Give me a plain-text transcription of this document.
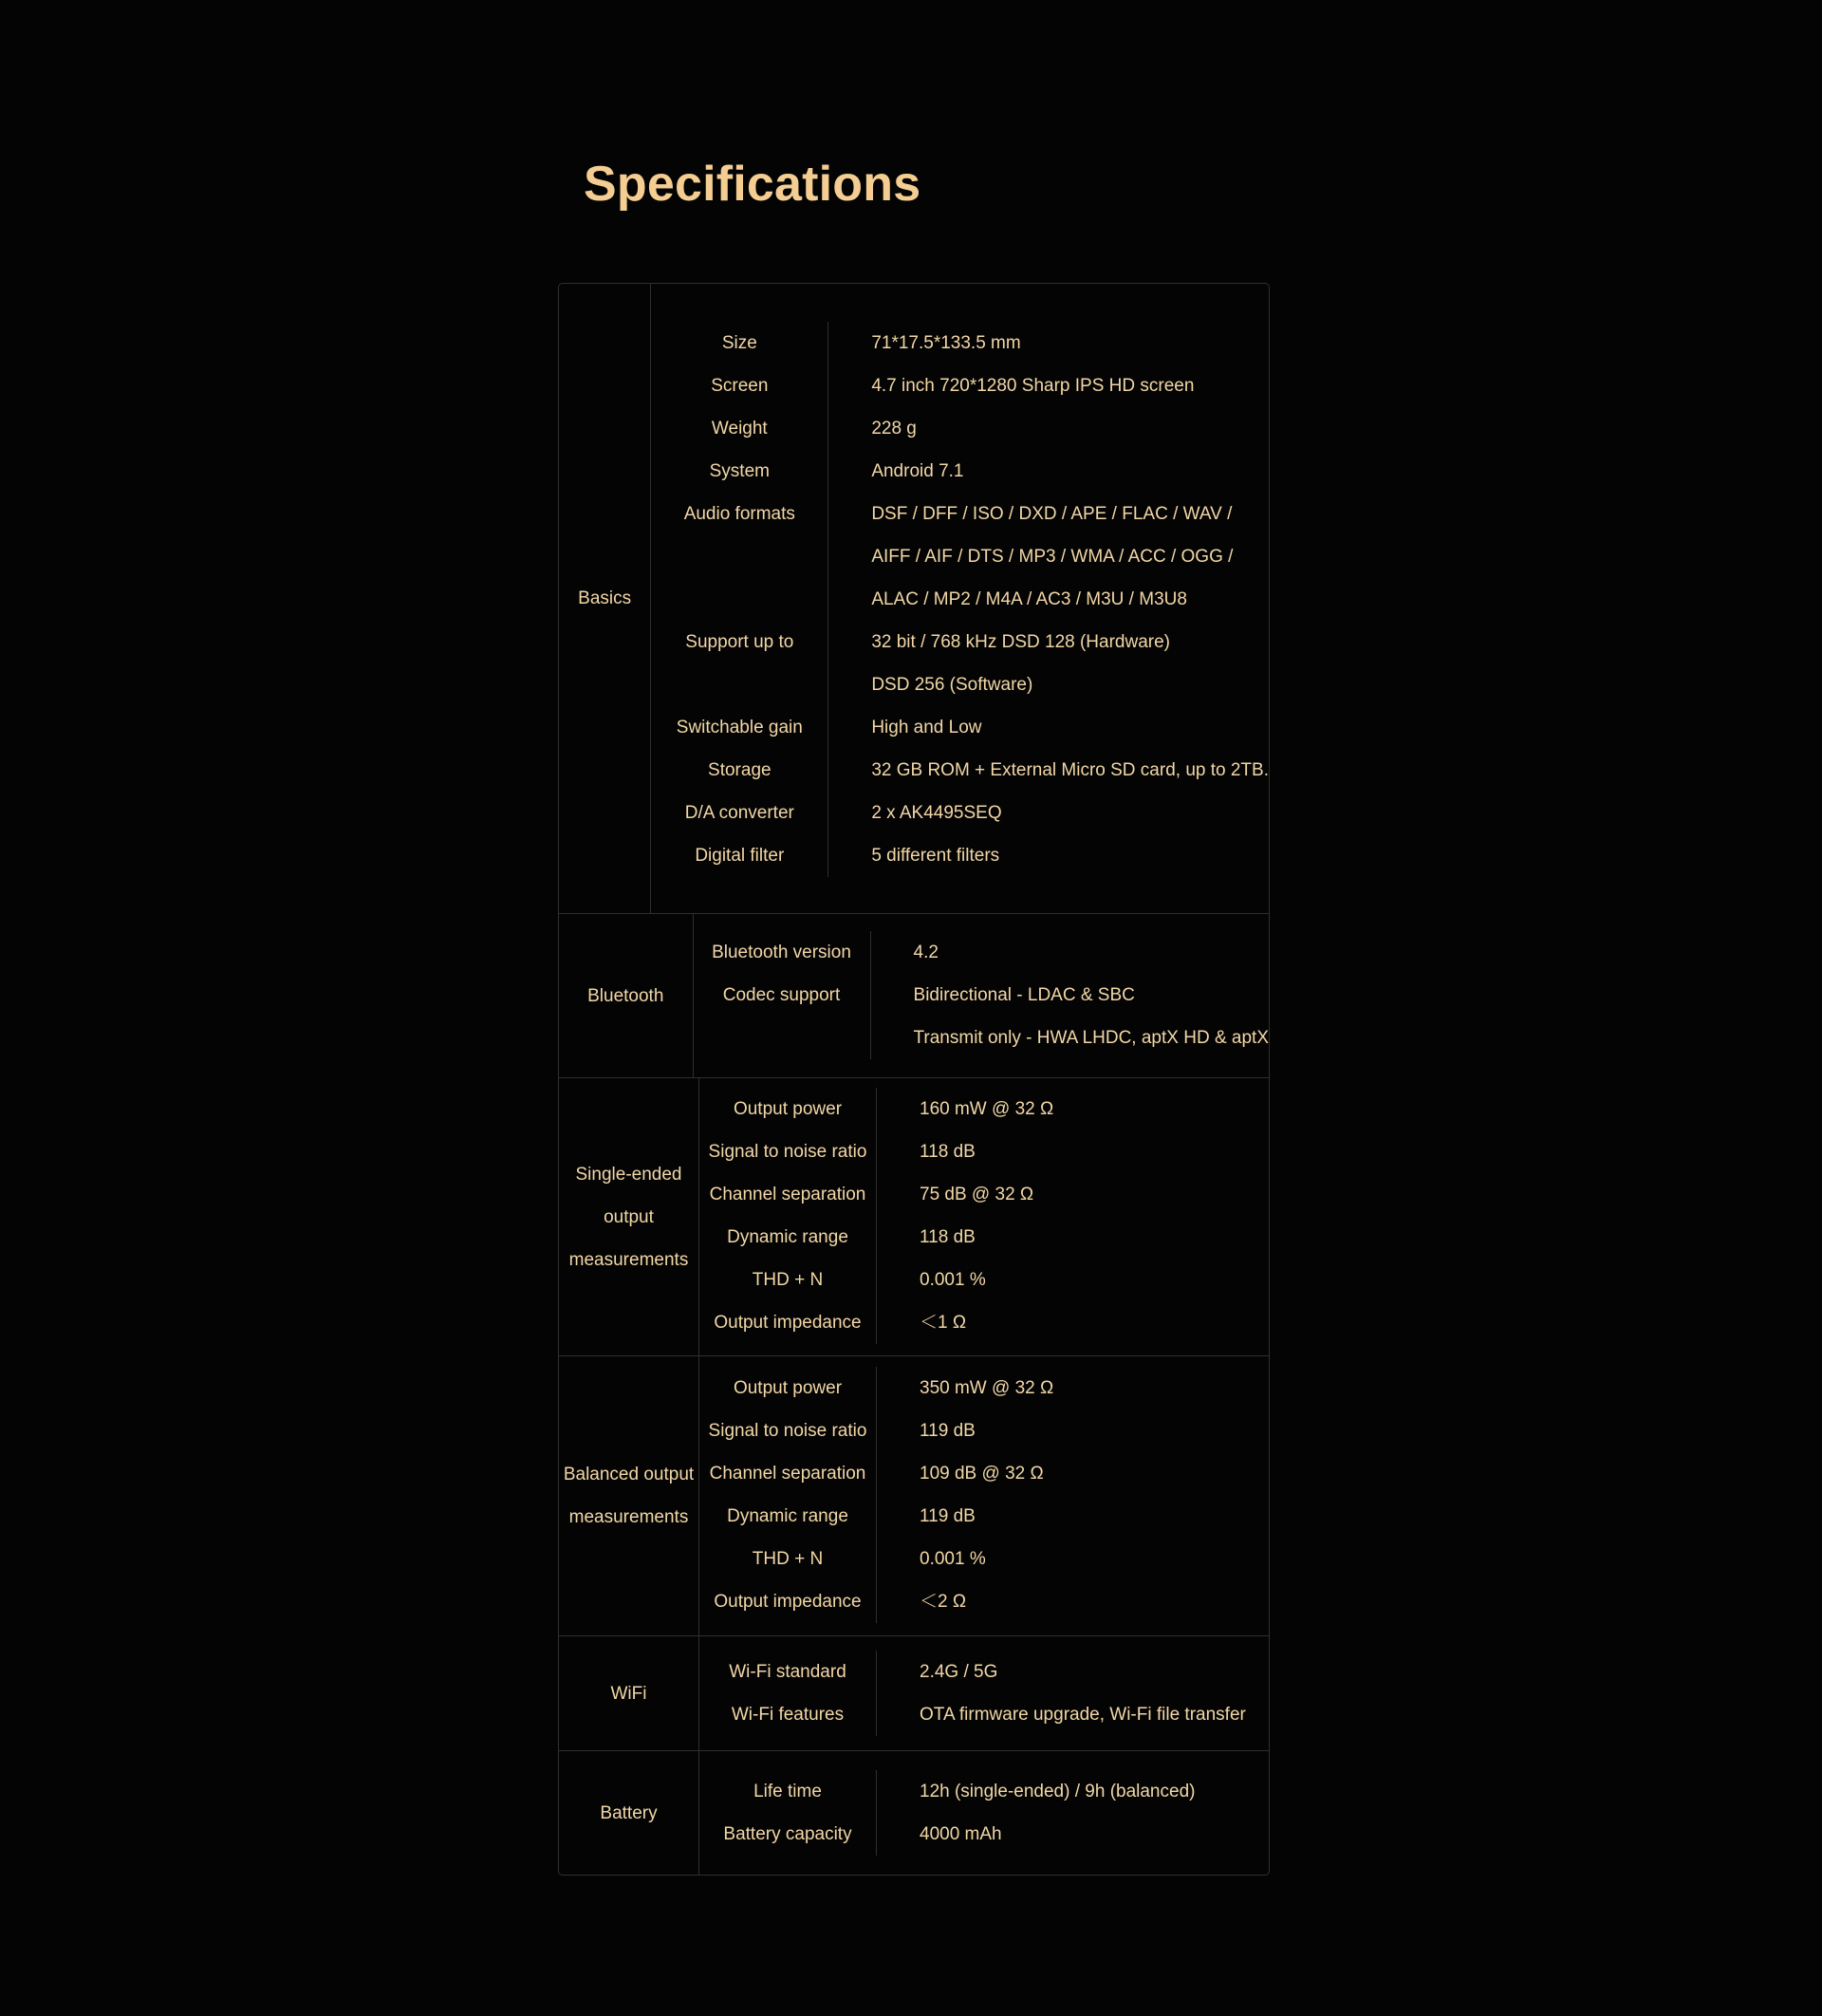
Specifications
Basics
Size	71*17.5*133.5 mm
Screen	4.7 inch 720*1280 Sharp IPS HD screen
Weight	228 g
System	Android 7.1
Audio formats	DSF / DFF / ISO / DXD / APE / FLAC / WAV /
AIFF / AIF / DTS / MP3 / WMA / ACC / OGG /
ALAC / MP2 / M4A / AC3 / M3U / M3U8
Support up to	32 bit / 768 kHz DSD 128 (Hardware)
DSD 256 (Software)
Switchable gain	High and Low
Storage	32 GB ROM + External Micro SD card, up to 2TB.
D/A converter	2 x AK4495SEQ
Digital filter	5 different filters
Bluetooth
Bluetooth version	4.2
Codec support	Bidirectional - LDAC & SBC
Transmit only - HWA LHDC, aptX HD & aptX
Single-ended
output
measurements
Output power	160 mW @ 32 Ω
Signal to noise ratio	118 dB
Channel separation	75 dB @ 32 Ω
Dynamic range	118 dB
THD + N	0.001 %
Output impedance	＜1 Ω
Balanced output
measurements
Output power	350 mW @ 32 Ω
Signal to noise ratio	119 dB
Channel separation	109 dB @ 32 Ω
Dynamic range	119 dB
THD + N	0.001 %
Output impedance	＜2 Ω
WiFi
Wi-Fi standard	2.4G / 5G
Wi-Fi features	OTA firmware upgrade, Wi-Fi file transfer
Battery
Life time	12h (single-ended) / 9h (balanced)
Battery capacity	4000 mAh
